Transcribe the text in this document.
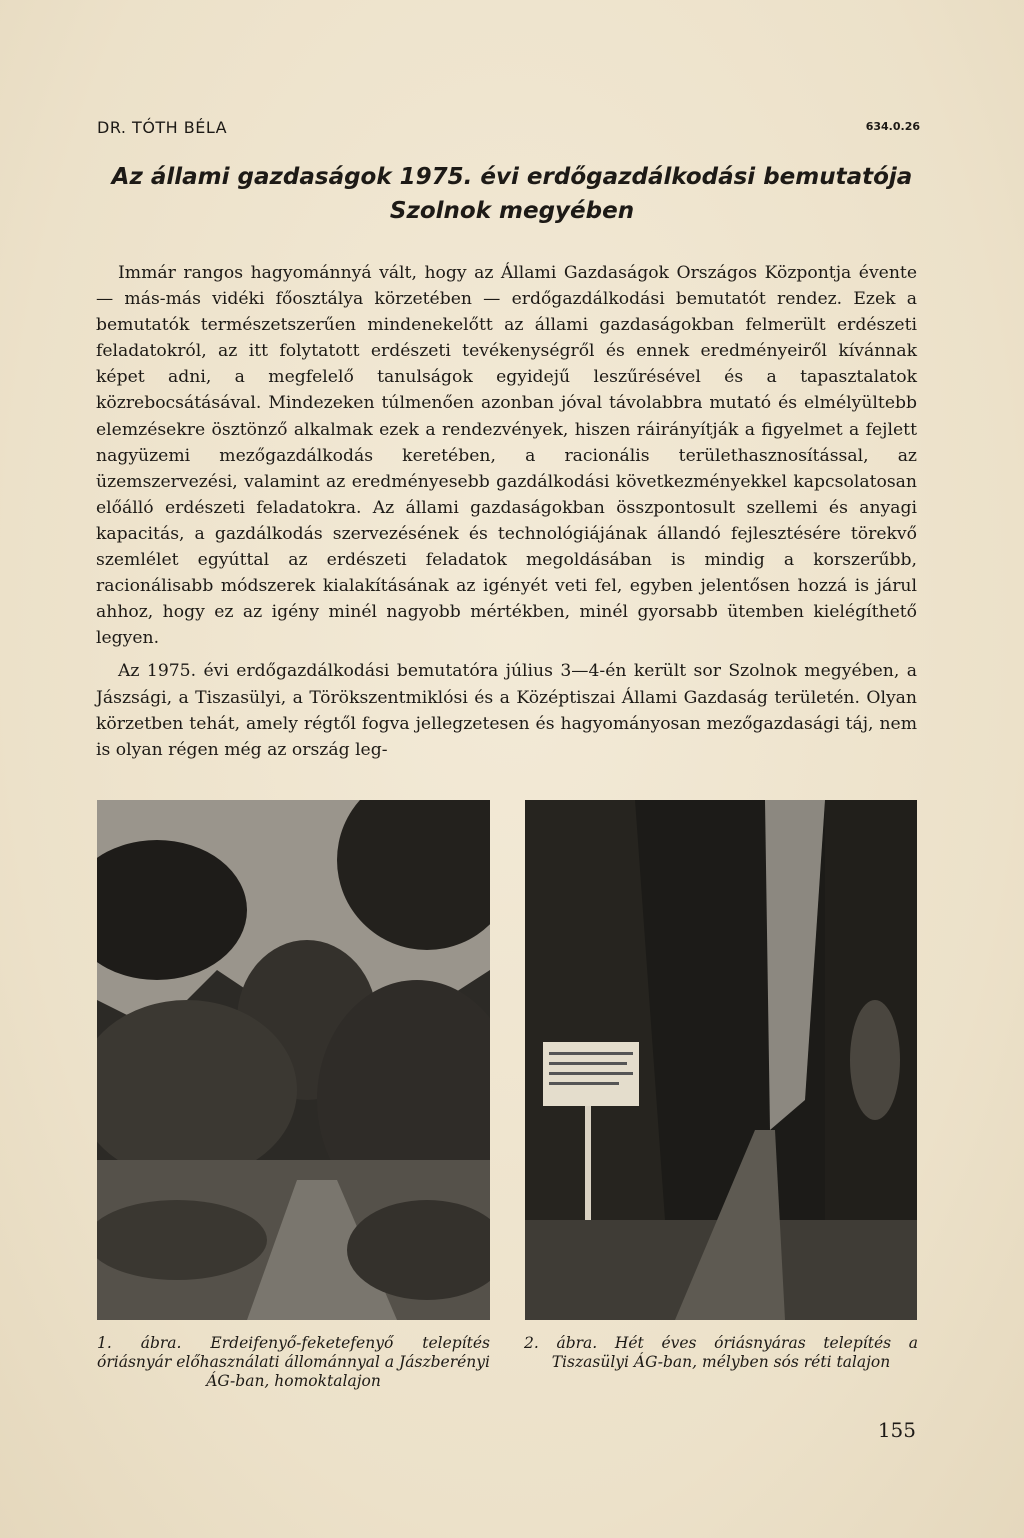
DR. TÓTH BÉLA	634.0.26
Az állami gazdaságok 1975. évi erdőgazdálkodási bemutatója
Szolnok megyében

Immár rangos hagyománnyá vált, hogy az Állami Gazdaságok Országos Központja évente — más-más vidéki főosztálya körzetében — erdőgazdálkodási bemutatót rendez. Ezek a bemutatók természetszerűen mindenekelőtt az állami gazdaságokban felmerült erdészeti feladatokról, az itt folytatott erdészeti tevékenységről és ennek eredményeiről kívánnak képet adni, a megfelelő tanulságok egyidejű leszűrésével és a tapasztalatok közrebocsátásával. Mindezeken túlmenően azonban jóval távolabbra mutató és elmélyültebb elemzésekre ösztönző alkalmak ezek a rendezvények, hiszen ráirányítják a figyelmet a fejlett nagyüzemi mezőgazdálkodás keretében, a racionális területhasznosítással, az üzemszervezési, valamint az eredményesebb gazdálkodási következményekkel kapcsolatosan előálló erdészeti feladatokra. Az állami gazdaságokban összpontosult szellemi és anyagi kapacitás, a gazdálkodás szervezésének és technológiájának állandó fejlesztésére törekvő szemlélet egyúttal az erdészeti feladatok megoldásában is mindig a korszerűbb, racionálisabb módszerek kialakításának az igényét veti fel, egyben jelentősen hozzá is járul ahhoz, hogy ez az igény minél nagyobb mértékben, minél gyorsabb ütemben kielégíthető legyen.

Az 1975. évi erdőgazdálkodási bemutatóra július 3—4-én került sor Szolnok megyében, a Jászsági, a Tiszasülyi, a Törökszentmiklósi és a Középtiszai Állami Gazdaság területén. Olyan körzetben tehát, amely régtől fogva jellegzetesen és hagyományosan mezőgazdasági táj, nem is olyan régen még az ország leg-

1. ábra. Erdeifenyő-feketefenyő telepítés óriásnyár előhasználati állománnyal a Jászberényi ÁG-ban, homoktalajon
2. ábra. Hét éves óriásnyáras telepítés a Tiszasülyi ÁG-ban, mélyben sós réti talajon
155
